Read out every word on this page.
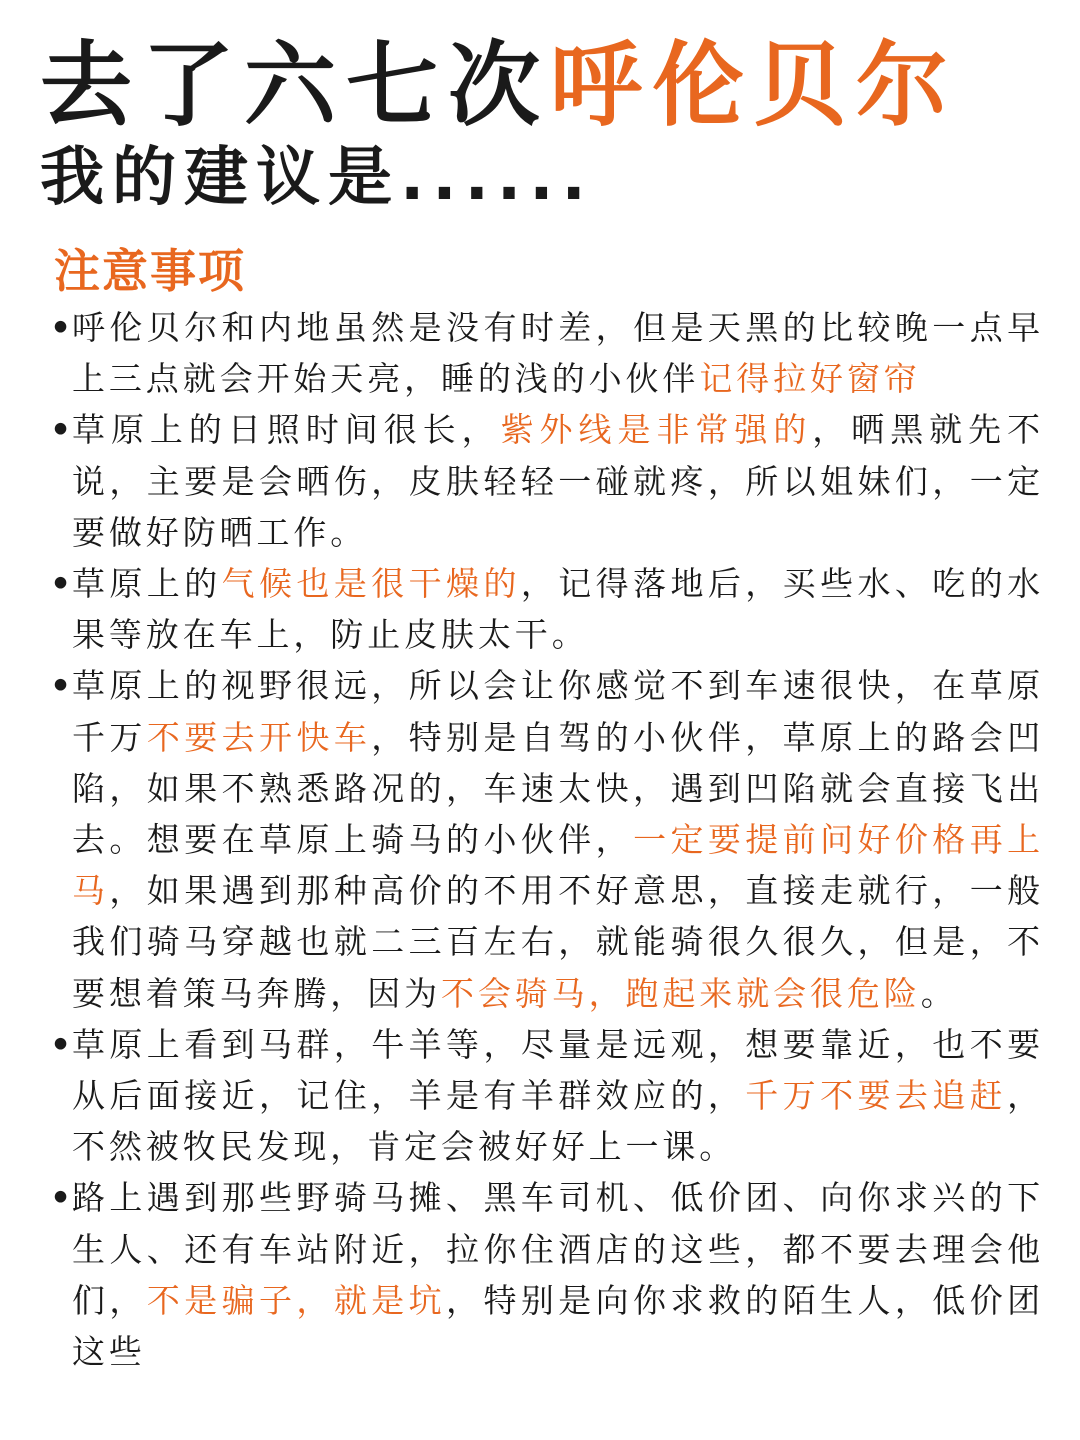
去了六七次呼伦贝尔
我的建议是......
注意事项
•
呼伦贝尔和内地虽然是没有时差，但是天黑的比较晚一点早上三点就会开始天亮，睡的浅的小伙伴记得拉好窗帘
•
草原上的日照时间很长，紫外线是非常强的，晒黑就先不说，主要是会晒伤，皮肤轻轻一碰就疼，所以姐妹们，一定要做好防晒工作。
•
草原上的气候也是很干燥的，记得落地后，买些水、吃的水果等放在车上，防止皮肤太干。
•
草原上的视野很远，所以会让你感觉不到车速很快，在草原千万不要去开快车，特别是自驾的小伙伴，草原上的路会凹陷，如果不熟悉路况的，车速太快，遇到凹陷就会直接飞出去。想要在草原上骑马的小伙伴，一定要提前问好价格再上马，如果遇到那种高价的不用不好意思，直接走就行，一般我们骑马穿越也就二三百左右，就能骑很久很久，但是，不要想着策马奔腾，因为不会骑马，跑起来就会很危险。
•
草原上看到马群，牛羊等，尽量是远观，想要靠近，也不要从后面接近，记住，羊是有羊群效应的，千万不要去追赶，不然被牧民发现，肯定会被好好上一课。
•
路上遇到那些野骑马摊、黑车司机、低价团、向你求兴的下生人、还有车站附近，拉你住酒店的这些，都不要去理会他们，不是骗子，就是坑，特别是向你求救的陌生人，低价团这些
